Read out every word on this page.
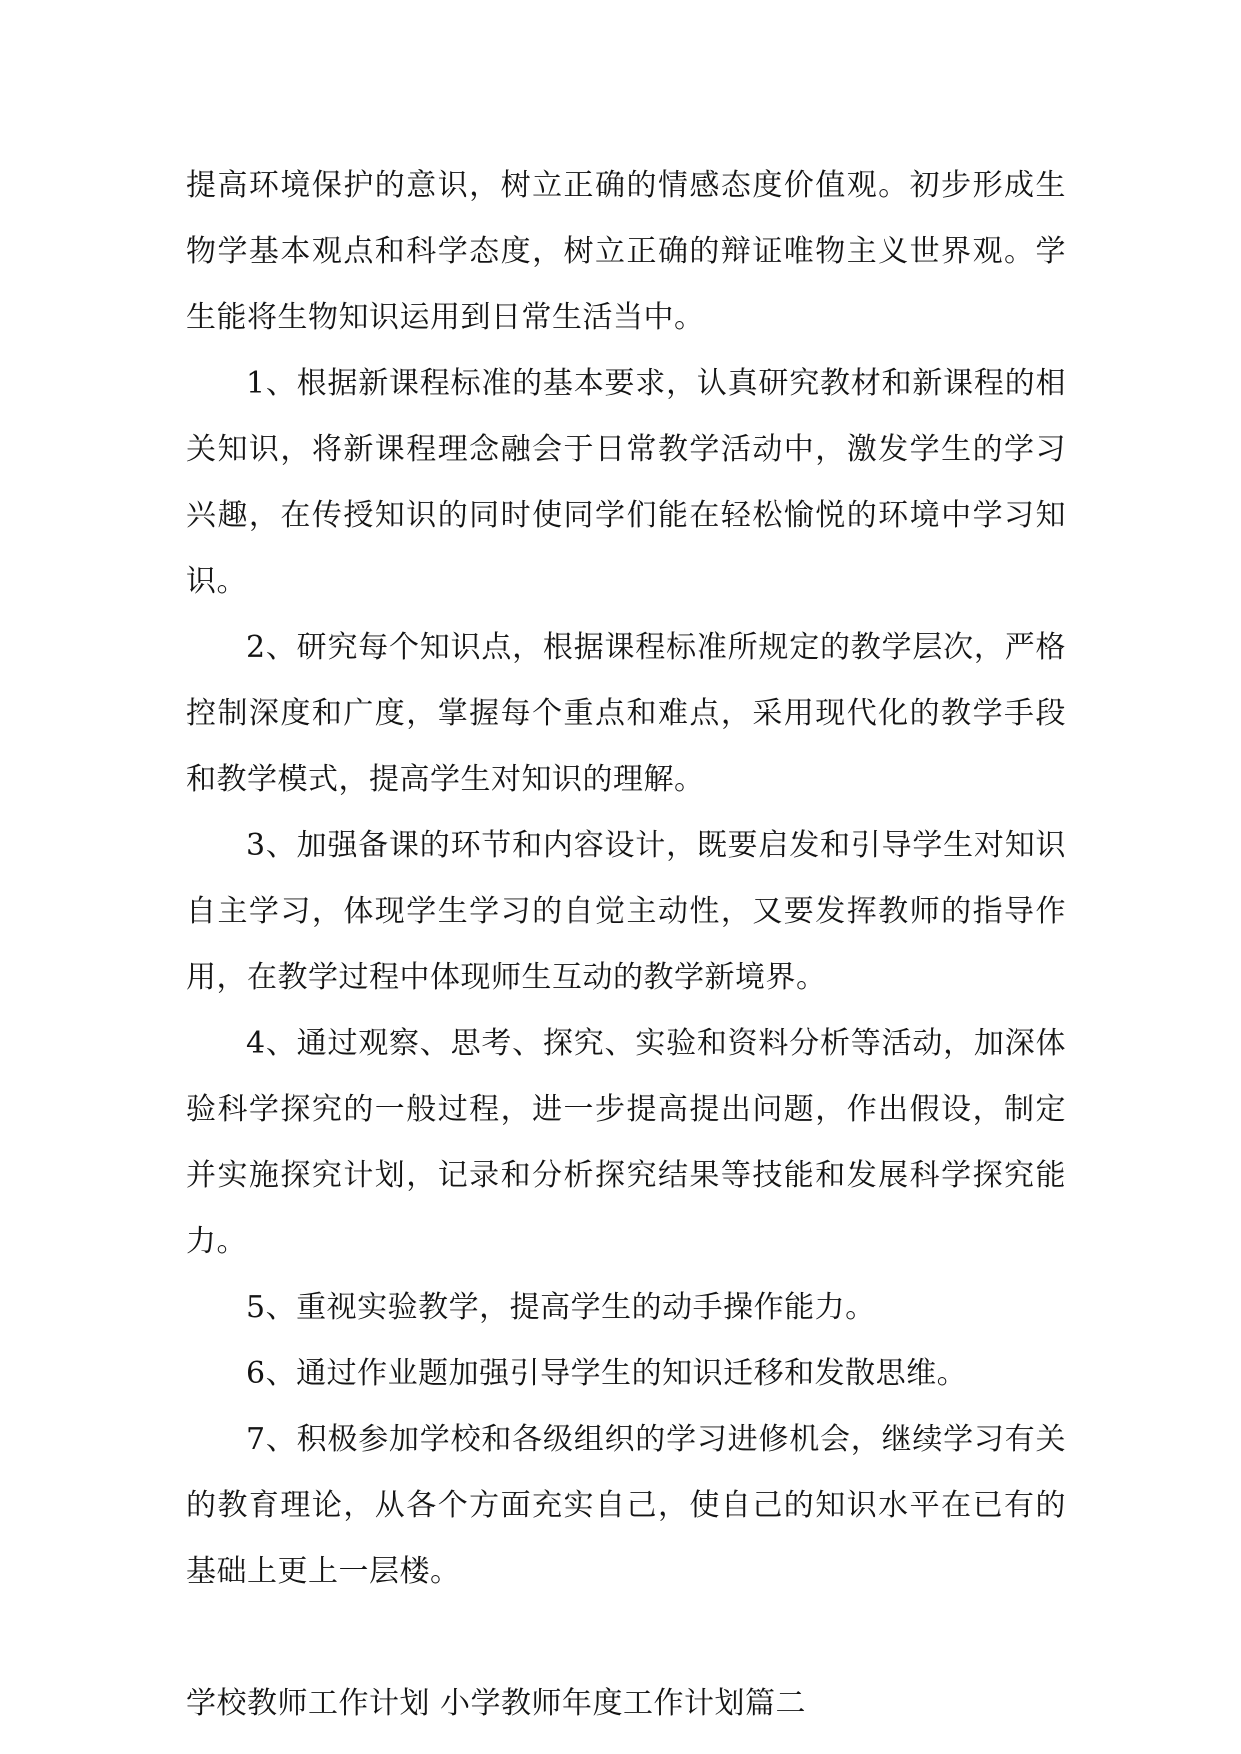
提高环境保护的意识，树立正确的情感态度价值观。初步形成生物学基本观点和科学态度，树立正确的辩证唯物主义世界观。学生能将生物知识运用到日常生活当中。

1、根据新课程标准的基本要求，认真研究教材和新课程的相关知识，将新课程理念融会于日常教学活动中，激发学生的学习兴趣，在传授知识的同时使同学们能在轻松愉悦的环境中学习知识。

2、研究每个知识点，根据课程标准所规定的教学层次，严格控制深度和广度，掌握每个重点和难点，采用现代化的教学手段和教学模式，提高学生对知识的理解。

3、加强备课的环节和内容设计，既要启发和引导学生对知识自主学习，体现学生学习的自觉主动性，又要发挥教师的指导作用，在教学过程中体现师生互动的教学新境界。

4、通过观察、思考、探究、实验和资料分析等活动，加深体验科学探究的一般过程，进一步提高提出问题，作出假设，制定并实施探究计划，记录和分析探究结果等技能和发展科学探究能力。

5、重视实验教学，提高学生的动手操作能力。

6、通过作业题加强引导学生的知识迁移和发散思维。

7、积极参加学校和各级组织的学习进修机会，继续学习有关的教育理论，从各个方面充实自己，使自己的知识水平在已有的基础上更上一层楼。

学校教师工作计划 小学教师年度工作计划篇二
